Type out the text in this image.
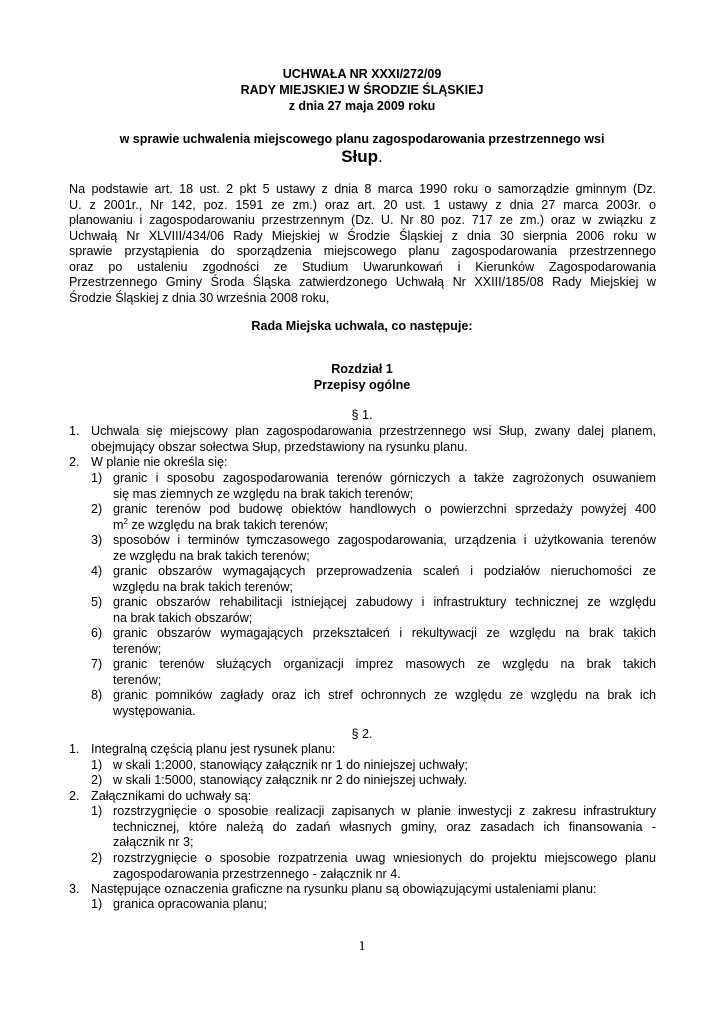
UCHWAŁA NR XXXI/272/09
RADY MIEJSKIEJ W ŚRODZIE ŚLĄSKIEJ
z dnia 27 maja 2009 roku
w sprawie uchwalenia miejscowego planu zagospodarowania przestrzennego wsi
Słup.
Na podstawie art. 18 ust. 2 pkt 5 ustawy z dnia 8 marca 1990 roku o samorządzie gminnym (Dz.
U. z 2001r., Nr 142, poz. 1591 ze zm.) oraz art. 20 ust. 1 ustawy z dnia 27 marca 2003r. o
planowaniu i zagospodarowaniu przestrzennym (Dz. U. Nr 80 poz. 717 ze zm.) oraz w związku z
Uchwałą Nr XLVIII/434/06 Rady Miejskiej w Środzie Śląskiej z dnia 30 sierpnia 2006 roku w
sprawie przystąpienia do sporządzenia miejscowego planu zagospodarowania przestrzennego
oraz po ustaleniu zgodności ze Studium Uwarunkowań i Kierunków Zagospodarowania
Przestrzennego Gminy Środa Śląska zatwierdzonego Uchwałą Nr XXIII/185/08 Rady Miejskiej w
Środzie Śląskiej z dnia 30 września 2008 roku,
Rada Miejska uchwala, co następuje:
Rozdział 1
Przepisy ogólne
§ 1.
1. Uchwala się miejscowy plan zagospodarowania przestrzennego wsi Słup, zwany dalej planem,
obejmujący obszar sołectwa Słup, przedstawiony na rysunku planu.
2. W planie nie określa się:
1) granic i sposobu zagospodarowania terenów górniczych a także zagrożonych osuwaniem
się mas ziemnych ze względu na brak takich terenów;
2) granic terenów pod budowę obiektów handlowych o powierzchni sprzedaży powyżej 400
$m^2$ ze względu na brak takich terenów;
3) sposobów i terminów tymczasowego zagospodarowania, urządzenia i użytkowania terenów
ze względu na brak takich terenów;
4) granic obszarów wymagających przeprowadzenia scaleń i podziałów nieruchomości ze
względu na brak takich terenów;
5) granic obszarów rehabilitacji istniejącej zabudowy i infrastruktury technicznej ze względu
na brak takich obszarów;
6) granic obszarów wymagających przekształceń i rekultywacji ze względu na brak takich
terenów;
7) granic terenów służących organizacji imprez masowych ze względu na brak takich
terenów;
8) granic pomników zagłady oraz ich stref ochronnych ze względu ze względu na brak ich
występowania.
§ 2.
1. Integralną częścią planu jest rysunek planu:
1) w skali 1:2000, stanowiący załącznik nr 1 do niniejszej uchwały;
2) w skali 1:5000, stanowiący załącznik nr 2 do niniejszej uchwały.
2. Załącznikami do uchwały są:
1) rozstrzygnięcie o sposobie realizacji zapisanych w planie inwestycji z zakresu infrastruktury
technicznej, które należą do zadań własnych gminy, oraz zasadach ich finansowania -
załącznik nr 3;
2) rozstrzygnięcie o sposobie rozpatrzenia uwag wniesionych do projektu miejscowego planu
zagospodarowania przestrzennego - załącznik nr 4.
3. Następujące oznaczenia graficzne na rysunku planu są obowiązującymi ustaleniami planu:
1) granica opracowania planu;
1
